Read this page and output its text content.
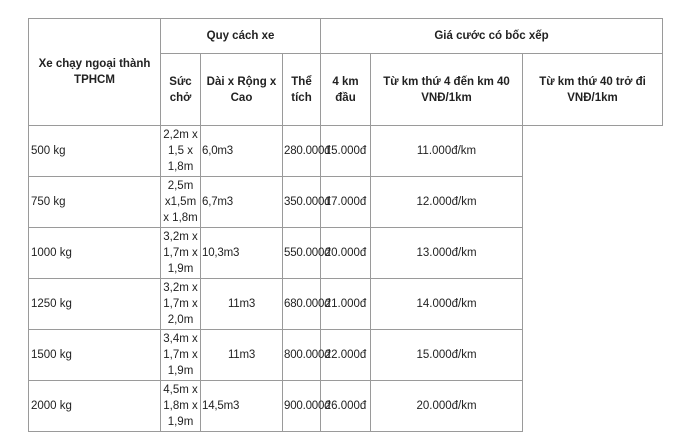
Xe chạy ngoại thành TPHCM	Quy cách xe			Giá cước có bốc xếp		
	Sức chở	Dài x Rộng x Cao	Thể tích	4 km đầu	Từ km thứ 4 đến km 40 VNĐ/1km	Từ km thứ 40 trở đi VNĐ/1km
500 kg	2,2m x 1,5 x 1,8m	6,0m3	280.000đ	15.000đ	11.000đ/km	
750 kg	2,5m x1,5m x 1,8m	6,7m3	350.000đ	17.000đ	12.000đ/km	
1000 kg	3,2m x 1,7m x 1,9m	10,3m3	550.000đ	20.000đ	13.000đ/km	
1250 kg	3,2m x 1,7m x 2,0m	11m3	680.000đ	21.000đ	14.000đ/km	
1500 kg	3,4m x 1,7m x 1,9m	11m3	800.000đ	22.000đ	15.000đ/km	
2000 kg	4,5m x 1,8m x 1,9m	14,5m3	900.000đ	26.000đ	20.000đ/km	
